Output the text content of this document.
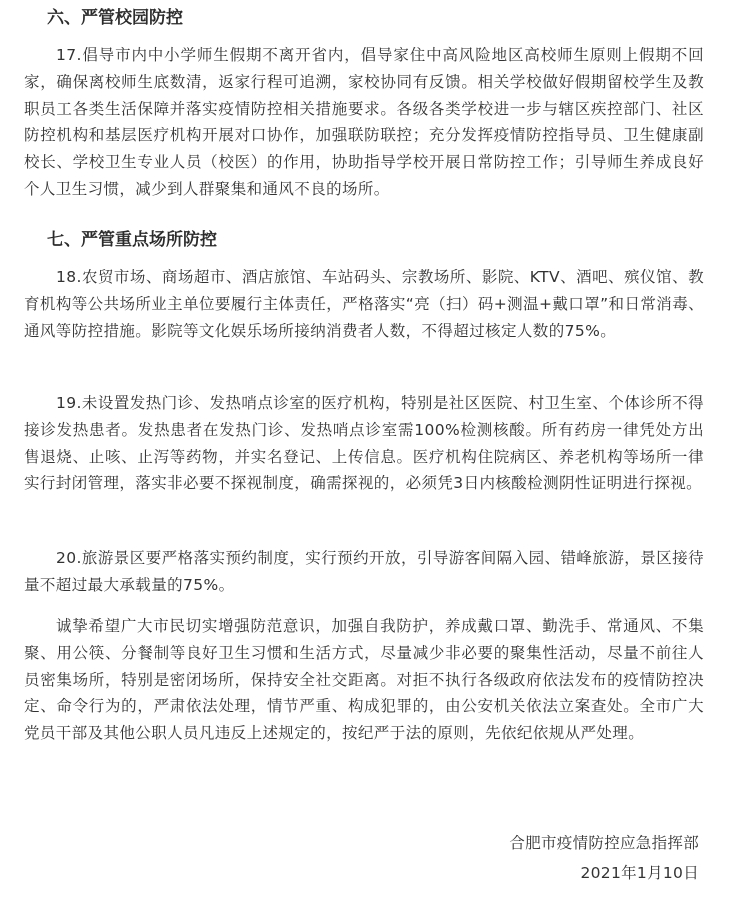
六、严管校园防控

17.倡导市内中小学师生假期不离开省内，倡导家住中高风险地区高校师生原则上假期不回家，确保离校师生底数清，返家行程可追溯，家校协同有反馈。相关学校做好假期留校学生及教职员工各类生活保障并落实疫情防控相关措施要求。各级各类学校进一步与辖区疾控部门、社区防控机构和基层医疗机构开展对口协作，加强联防联控；充分发挥疫情防控指导员、卫生健康副校长、学校卫生专业人员（校医）的作用，协助指导学校开展日常防控工作；引导师生养成良好个人卫生习惯，减少到人群聚集和通风不良的场所。

七、严管重点场所防控

18.农贸市场、商场超市、酒店旅馆、车站码头、宗教场所、影院、KTV、酒吧、殡仪馆、教育机构等公共场所业主单位要履行主体责任，严格落实“亮（扫）码+测温+戴口罩”和日常消毒、通风等防控措施。影院等文化娱乐场所接纳消费者人数，不得超过核定人数的75%。

19.未设置发热门诊、发热哨点诊室的医疗机构，特别是社区医院、村卫生室、个体诊所不得接诊发热患者。发热患者在发热门诊、发热哨点诊室需100%检测核酸。所有药房一律凭处方出售退烧、止咳、止泻等药物，并实名登记、上传信息。医疗机构住院病区、养老机构等场所一律实行封闭管理，落实非必要不探视制度，确需探视的，必须凭3日内核酸检测阴性证明进行探视。

20.旅游景区要严格落实预约制度，实行预约开放，引导游客间隔入园、错峰旅游，景区接待量不超过最大承载量的75%。

诚挚希望广大市民切实增强防范意识，加强自我防护，养成戴口罩、勤洗手、常通风、不集聚、用公筷、分餐制等良好卫生习惯和生活方式，尽量减少非必要的聚集性活动，尽量不前往人员密集场所，特别是密闭场所，保持安全社交距离。对拒不执行各级政府依法发布的疫情防控决定、命令行为的，严肃依法处理，情节严重、构成犯罪的，由公安机关依法立案查处。全市广大党员干部及其他公职人员凡违反上述规定的，按纪严于法的原则，先依纪依规从严处理。

合肥市疫情防控应急指挥部
2021年1月10日
